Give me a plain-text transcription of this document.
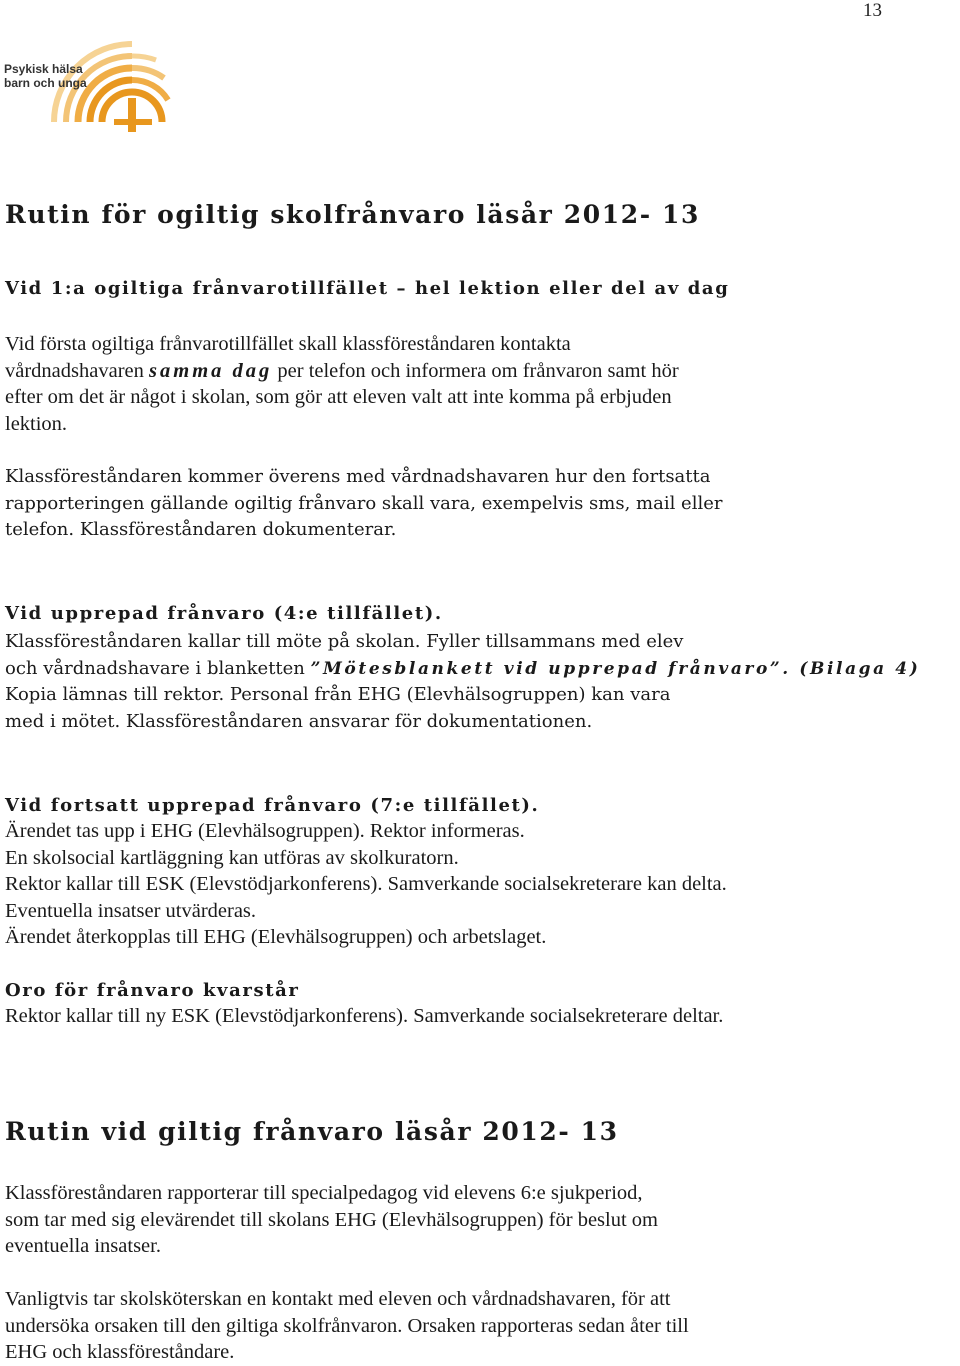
13
Psykisk hälsa
barn och unga
Rutin för ogiltig skolfrånvaro läsår 2012- 13
Vid 1:a ogiltiga frånvarotillfället – hel lektion eller del av dag
Vid första ogiltiga frånvarotillfället skall klassföreståndaren kontakta
vårdnadshavaren samma dag per telefon och informera om frånvaron samt hör
efter om det är något i skolan, som gör att eleven valt att inte komma på erbjuden
lektion.
Klassföreståndaren kommer överens med vårdnadshavaren hur den fortsatta
rapporteringen gällande ogiltig frånvaro skall vara, exempelvis sms, mail eller
telefon. Klassföreståndaren dokumenterar.
Vid upprepad frånvaro (4:e tillfället).
Klassföreståndaren kallar till möte på skolan. Fyller tillsammans med elev
och vårdnadshavare i blanketten ”Mötesblankett vid upprepad frånvaro”. (Bilaga 4)
Kopia lämnas till rektor. Personal från EHG (Elevhälsogruppen) kan vara
med i mötet. Klassföreståndaren ansvarar för dokumentationen.
Vid fortsatt upprepad frånvaro (7:e tillfället).
Ärendet tas upp i EHG (Elevhälsogruppen). Rektor informeras.
En skolsocial kartläggning kan utföras av skolkuratorn.
Rektor kallar till ESK (Elevstödjarkonferens). Samverkande socialsekreterare kan delta.
Eventuella insatser utvärderas.
Ärendet återkopplas till EHG (Elevhälsogruppen) och arbetslaget.
Oro för frånvaro kvarstår
Rektor kallar till ny ESK (Elevstödjarkonferens). Samverkande socialsekreterare deltar.
Rutin vid giltig frånvaro läsår 2012- 13
Klassföreståndaren rapporterar till specialpedagog vid elevens 6:e sjukperiod,
som tar med sig elevärendet till skolans EHG (Elevhälsogruppen) för beslut om
eventuella insatser.
Vanligtvis tar skolsköterskan en kontakt med eleven och vårdnadshavaren, för att
undersöka orsaken till den giltiga skolfrånvaron. Orsaken rapporteras sedan åter till
EHG och klassföreståndare.
